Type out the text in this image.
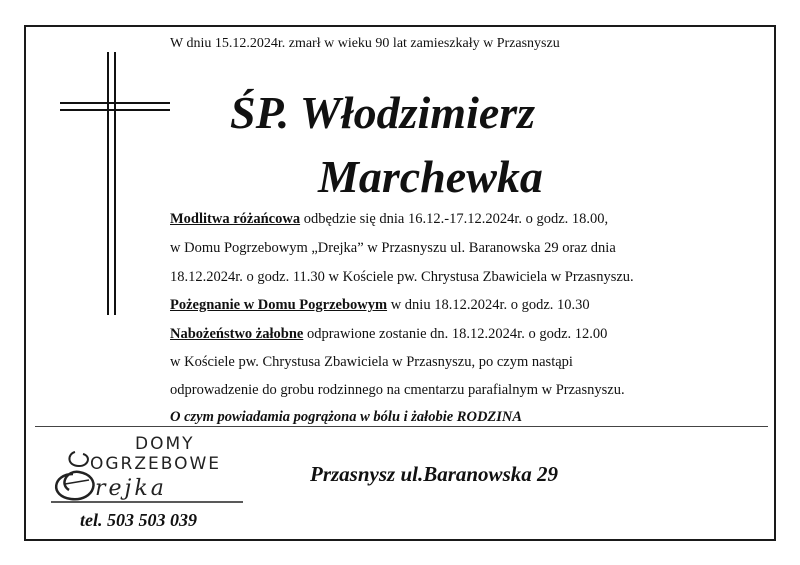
W dniu 15.12.2024r. zmarł w wieku 90 lat zamieszkały w Przasnyszu
ŚP. Włodzimierz
Marchewka
Modlitwa różańcowa odbędzie się dnia 16.12.-17.12.2024r. o godz. 18.00,
w Domu Pogrzebowym „Drejka” w Przasnyszu ul. Baranowska 29 oraz dnia
18.12.2024r. o godz. 11.30 w Kościele pw. Chrystusa Zbawiciela w Przasnyszu.
Pożegnanie w Domu Pogrzebowym w dniu 18.12.2024r. o godz. 10.30
Nabożeństwo żałobne odprawione zostanie dn. 18.12.2024r. o godz. 12.00
w Kościele pw. Chrystusa Zbawiciela w Przasnyszu, po czym nastąpi
odprowadzenie do grobu rodzinnego na cmentarzu parafialnym w Przasnyszu.
O czym powiadamia pogrążona w bólu i żałobie RODZINA
DOMY
OGRZEBOWE
rejka
tel. 503 503 039
Przasnysz ul.Baranowska 29
